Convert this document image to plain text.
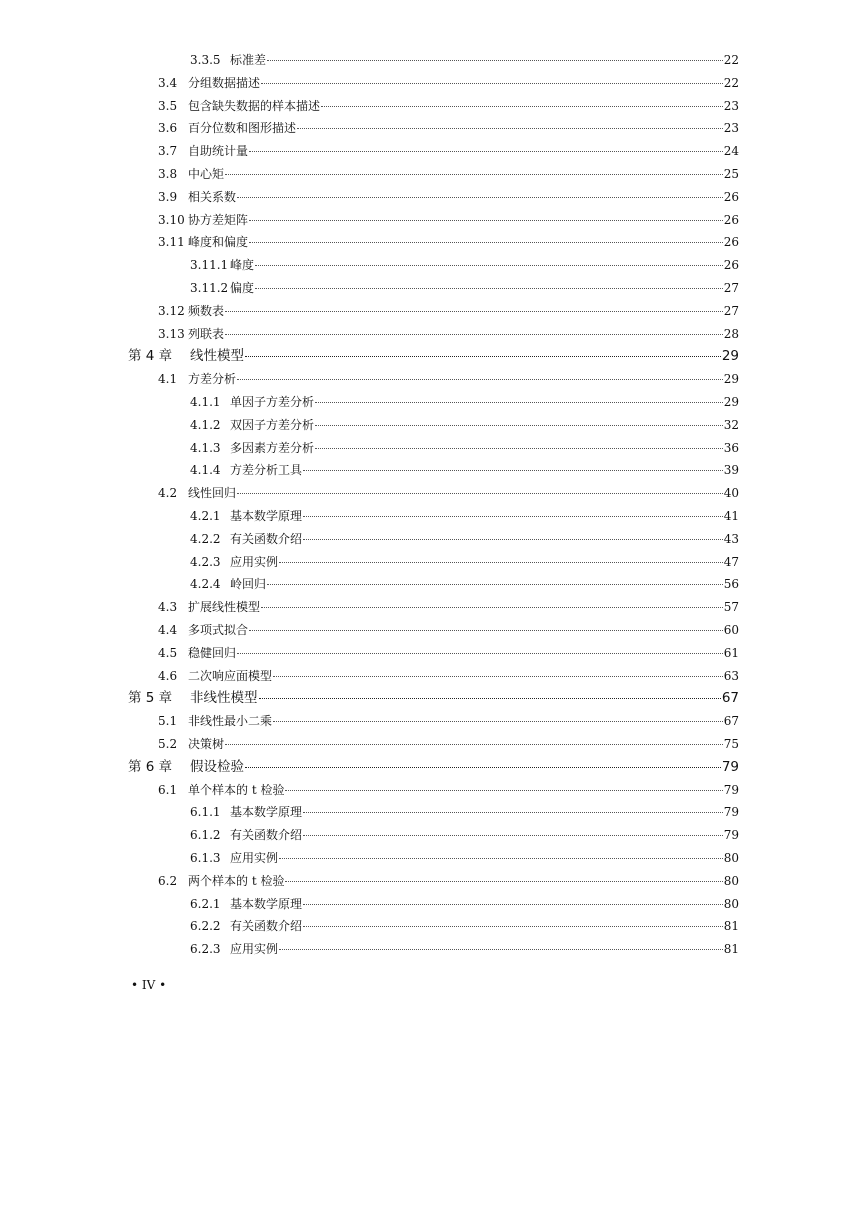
3.3.5 标准差	22
3.4 分组数据描述	22
3.5 包含缺失数据的样本描述	23
3.6 百分位数和图形描述	23
3.7 自助统计量	24
3.8 中心矩	25
3.9 相关系数	26
3.10 协方差矩阵	26
3.11 峰度和偏度	26
3.11.1 峰度	26
3.11.2 偏度	27
3.12 频数表	27
3.13 列联表	28
第 4 章	线性模型	29
4.1 方差分析	29
4.1.1 单因子方差分析	29
4.1.2 双因子方差分析	32
4.1.3 多因素方差分析	36
4.1.4 方差分析工具	39
4.2 线性回归	40
4.2.1 基本数学原理	41
4.2.2 有关函数介绍	43
4.2.3 应用实例	47
4.2.4 岭回归	56
4.3 扩展线性模型	57
4.4 多项式拟合	60
4.5 稳健回归	61
4.6 二次响应面模型	63
第 5 章	非线性模型	67
5.1 非线性最小二乘	67
5.2 决策树	75
第 6 章	假设检验	79
6.1 单个样本的 t 检验	79
6.1.1 基本数学原理	79
6.1.2 有关函数介绍	79
6.1.3 应用实例	80
6.2 两个样本的 t 检验	80
6.2.1 基本数学原理	80
6.2.2 有关函数介绍	81
6.2.3 应用实例	81
• IV •
